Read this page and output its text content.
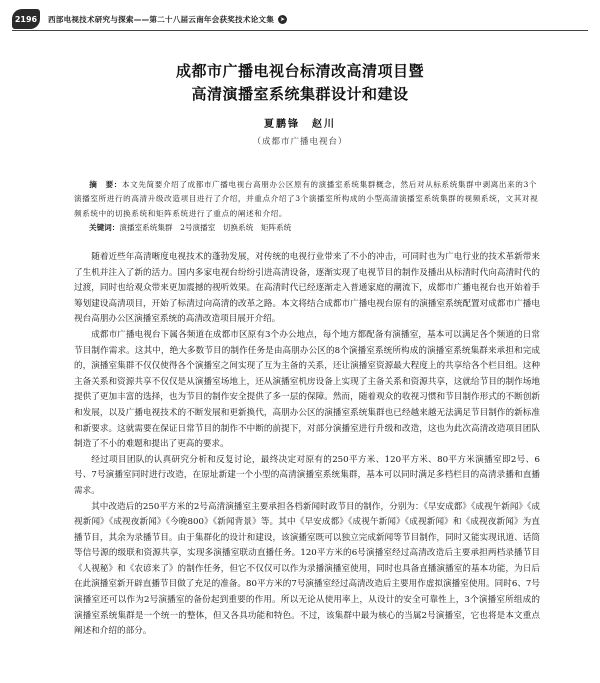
2196	西部电视技术研究与探索——第二十八届云南年会获奖技术论文集 ➤
成都市广播电视台标清改高清项目暨
高清演播室系统集群设计和建设
夏鹏锋　赵川
（成都市广播电视台）
摘　要：本文先简要介绍了成都市广播电视台高朋办公区原有的演播室系统集群概念，然后对从标系统集群中剥离出来的3个演播室所进行的高清升级改造项目进行了介绍，并重点介绍了3个演播室所构成的小型高清演播室系统集群的视频系统，文其对视频系统中的切换系统和矩阵系统进行了重点的阐述和介绍。
关键词：演播室系统集群　2号演播室　切换系统　矩阵系统

随着近些年高清晰度电视技术的蓬勃发展，对传统的电视行业带来了不小的冲击，可同时也为广电行业的技术革新带来了生机并注入了新的活力。国内多家电视台纷纷引进高清设备，逐渐实现了电视节目的制作及播出从标清时代向高清时代的过渡，同时也给观众带来更加震撼的视听效果。在高清时代已经逐渐走入普通家庭的潮流下，成都市广播电视台也开始着手筹划建设高清项目，开始了标清过向高清的改革之路。本文将结合成都市广播电视台原有的演播室系统配置对成都市广播电视台高朋办公区演播室系统的高清改造项目展开介绍。

成都市广播电视台下属各频道在成都市区原有3个办公地点，每个地方都配备有演播室，基本可以满足各个频道的日常节目制作需求。这其中，绝大多数节目的制作任务是由高朋办公区的8个演播室系统所构成的演播室系统集群来承担和完成的，演播室集群不仅仅使得各个演播室之间实现了互为主备的关系，还让演播室资源最大程度上的共享给各个栏目组。这种主备关系和资源共享不仅仅是从演播室场地上，还从演播室机房设备上实现了主备关系和资源共享，这就给节目的制作场地提供了更加丰富的选择，也为节目的制作安全提供了多一层的保障。然而，随着观众的收视习惯和节目制作形式的不断创新和发展，以及广播电视技术的不断发展和更新换代，高朋办公区的演播室系统集群也已经越来越无法满足节目制作的新标准和新要求。这就需要在保证日常节目的制作不中断的前提下，对部分演播室进行升级和改造，这也为此次高清改造项目团队制造了不小的难题和提出了更高的要求。

经过项目团队的认真研究分析和反复讨论，最终决定对原有的250平方米、120平方米、80平方米演播室即2号、6号、7号演播室同时进行改造，在原址新建一个小型的高清演播室系统集群，基本可以同时满足多档栏目的高清录播和直播需求。

其中改造后的250平方米的2号高清演播室主要承担各档新闻时政节目的制作，分别为：《早安成都》《成视午新闻》《成视新闻》《成视夜新闻》《今晚800》《新闻背景》等。其中《早安成都》《成视午新闻》《成视新闻》和《成视夜新闻》为直播节目，其余为录播节目。由于集群化的设计和建设，该演播室既可以独立完成新闻等节目制作，同时又能实现讯道、话筒等信号源的级联和资源共享，实现多演播室联动直播任务。120平方米的6号演播室经过高清改造后主要承担两档录播节目《人视秘》和《农谚来了》的制作任务，但它不仅仅可以作为录播演播室使用，同时也具备直播演播室的基本功能，为日后在此演播室新开辟直播节目做了充足的准备。80平方米的7号演播室经过高清改造后主要用作虚拟演播室使用。同时6、7号演播室还可以作为2号演播室的备份起到重要的作用。所以无论从使用率上，从设计的安全可靠性上，3个演播室所组成的演播室系统集群是一个统一的整体，但又各具功能和特色。不过，该集群中最为核心的当属2号演播室，它也将是本文重点阐述和介绍的部分。
